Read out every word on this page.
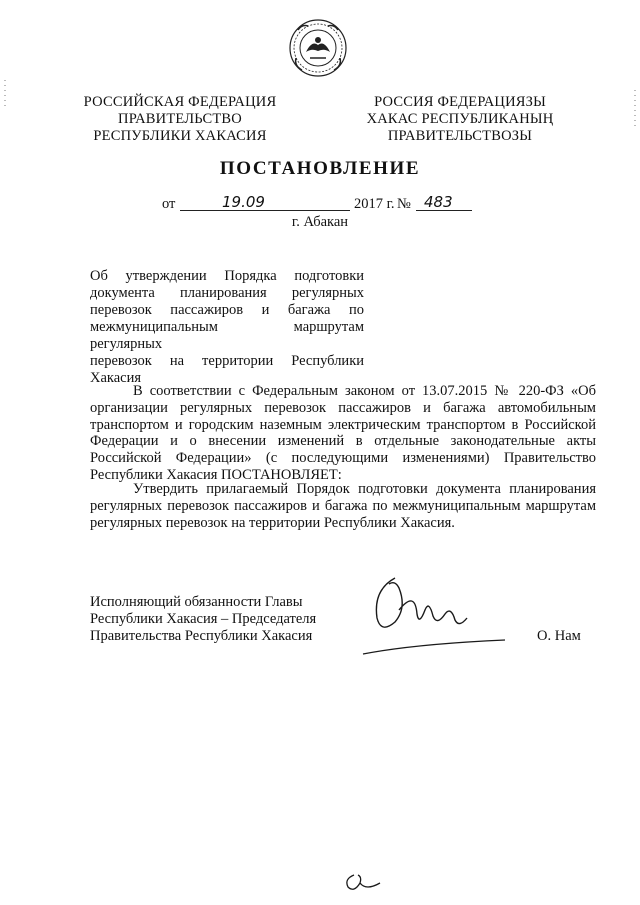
РОССИЙСКАЯ ФЕДЕРАЦИЯ
ПРАВИТЕЛЬСТВО
РЕСПУБЛИКИ ХАКАСИЯ
РОССИЯ ФЕДЕРАЦИЯЗЫ
ХАКАС РЕСПУБЛИКАНЫҢ
ПРАВИТЕЛЬСТВОЗЫ
ПОСТАНОВЛЕНИЕ
от	19.09	2017 г. № 483
г. Абакан

Об утверждении Порядка подготовки

документа планирования регулярных

перевозок пассажиров и багажа по

межмуниципальным маршрутам регулярных

перевозок на территории Республики Хакасия

В соответствии с Федеральным законом от 13.07.2015 № 220-ФЗ «Об организации регулярных перевозок пассажиров и багажа автомобильным транспортом и городским наземным электрическим транспортом в Российской Федерации и о внесении изменений в отдельные законодательные акты Российской Федерации» (с последующими изменениями) Правительство Республики Хакасия ПОСТАНОВЛЯЕТ:

Утвердить прилагаемый Порядок подготовки документа планирования регулярных перевозок пассажиров и багажа по межмуниципальным маршрутам регулярных перевозок на территории Республики Хакасия.

Исполняющий обязанности Главы
Республики Хакасия – Председателя
Правительства Республики Хакасия	О. Нам
